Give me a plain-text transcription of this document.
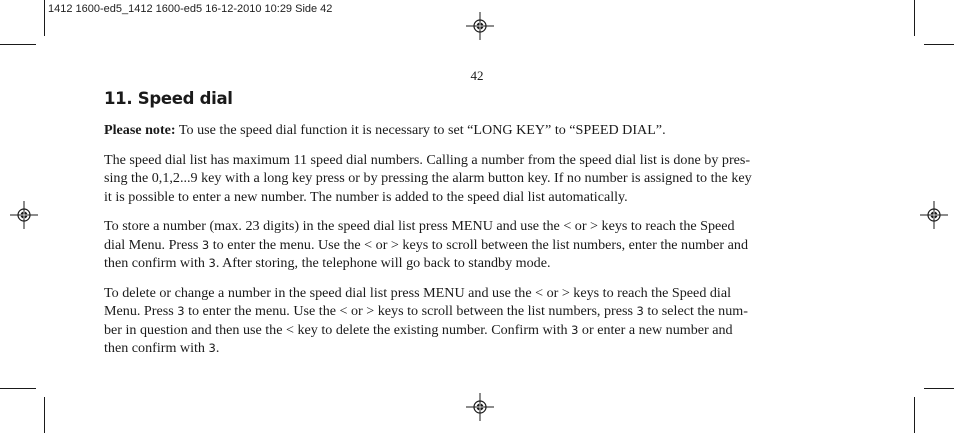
1412 1600-ed5_1412 1600-ed5 16-12-2010 10:29 Side 42
42
11. Speed dial

Please note: To use the speed dial function it is necessary to set “LONG KEY” to “SPEED DIAL”.

The speed dial list has maximum 11 speed dial numbers. Calling a number from the speed dial list is done by pres-
sing the 0,1,2...9 key with a long key press or by pressing the alarm button key. If no number is assigned to the key
it is possible to enter a new number. The number is added to the speed dial list automatically.

To store a number (max. 23 digits) in the speed dial list press MENU and use the < or > keys to reach the Speed
dial Menu. Press 3 to enter the menu. Use the < or > keys to scroll between the list numbers, enter the number and
then confirm with 3. After storing, the telephone will go back to standby mode.

To delete or change a number in the speed dial list press MENU and use the < or > keys to reach the Speed dial
Menu. Press 3 to enter the menu. Use the < or > keys to scroll between the list numbers, press 3 to select the num-
ber in question and then use the < key to delete the existing number. Confirm with 3 or enter a new number and
then confirm with 3.
